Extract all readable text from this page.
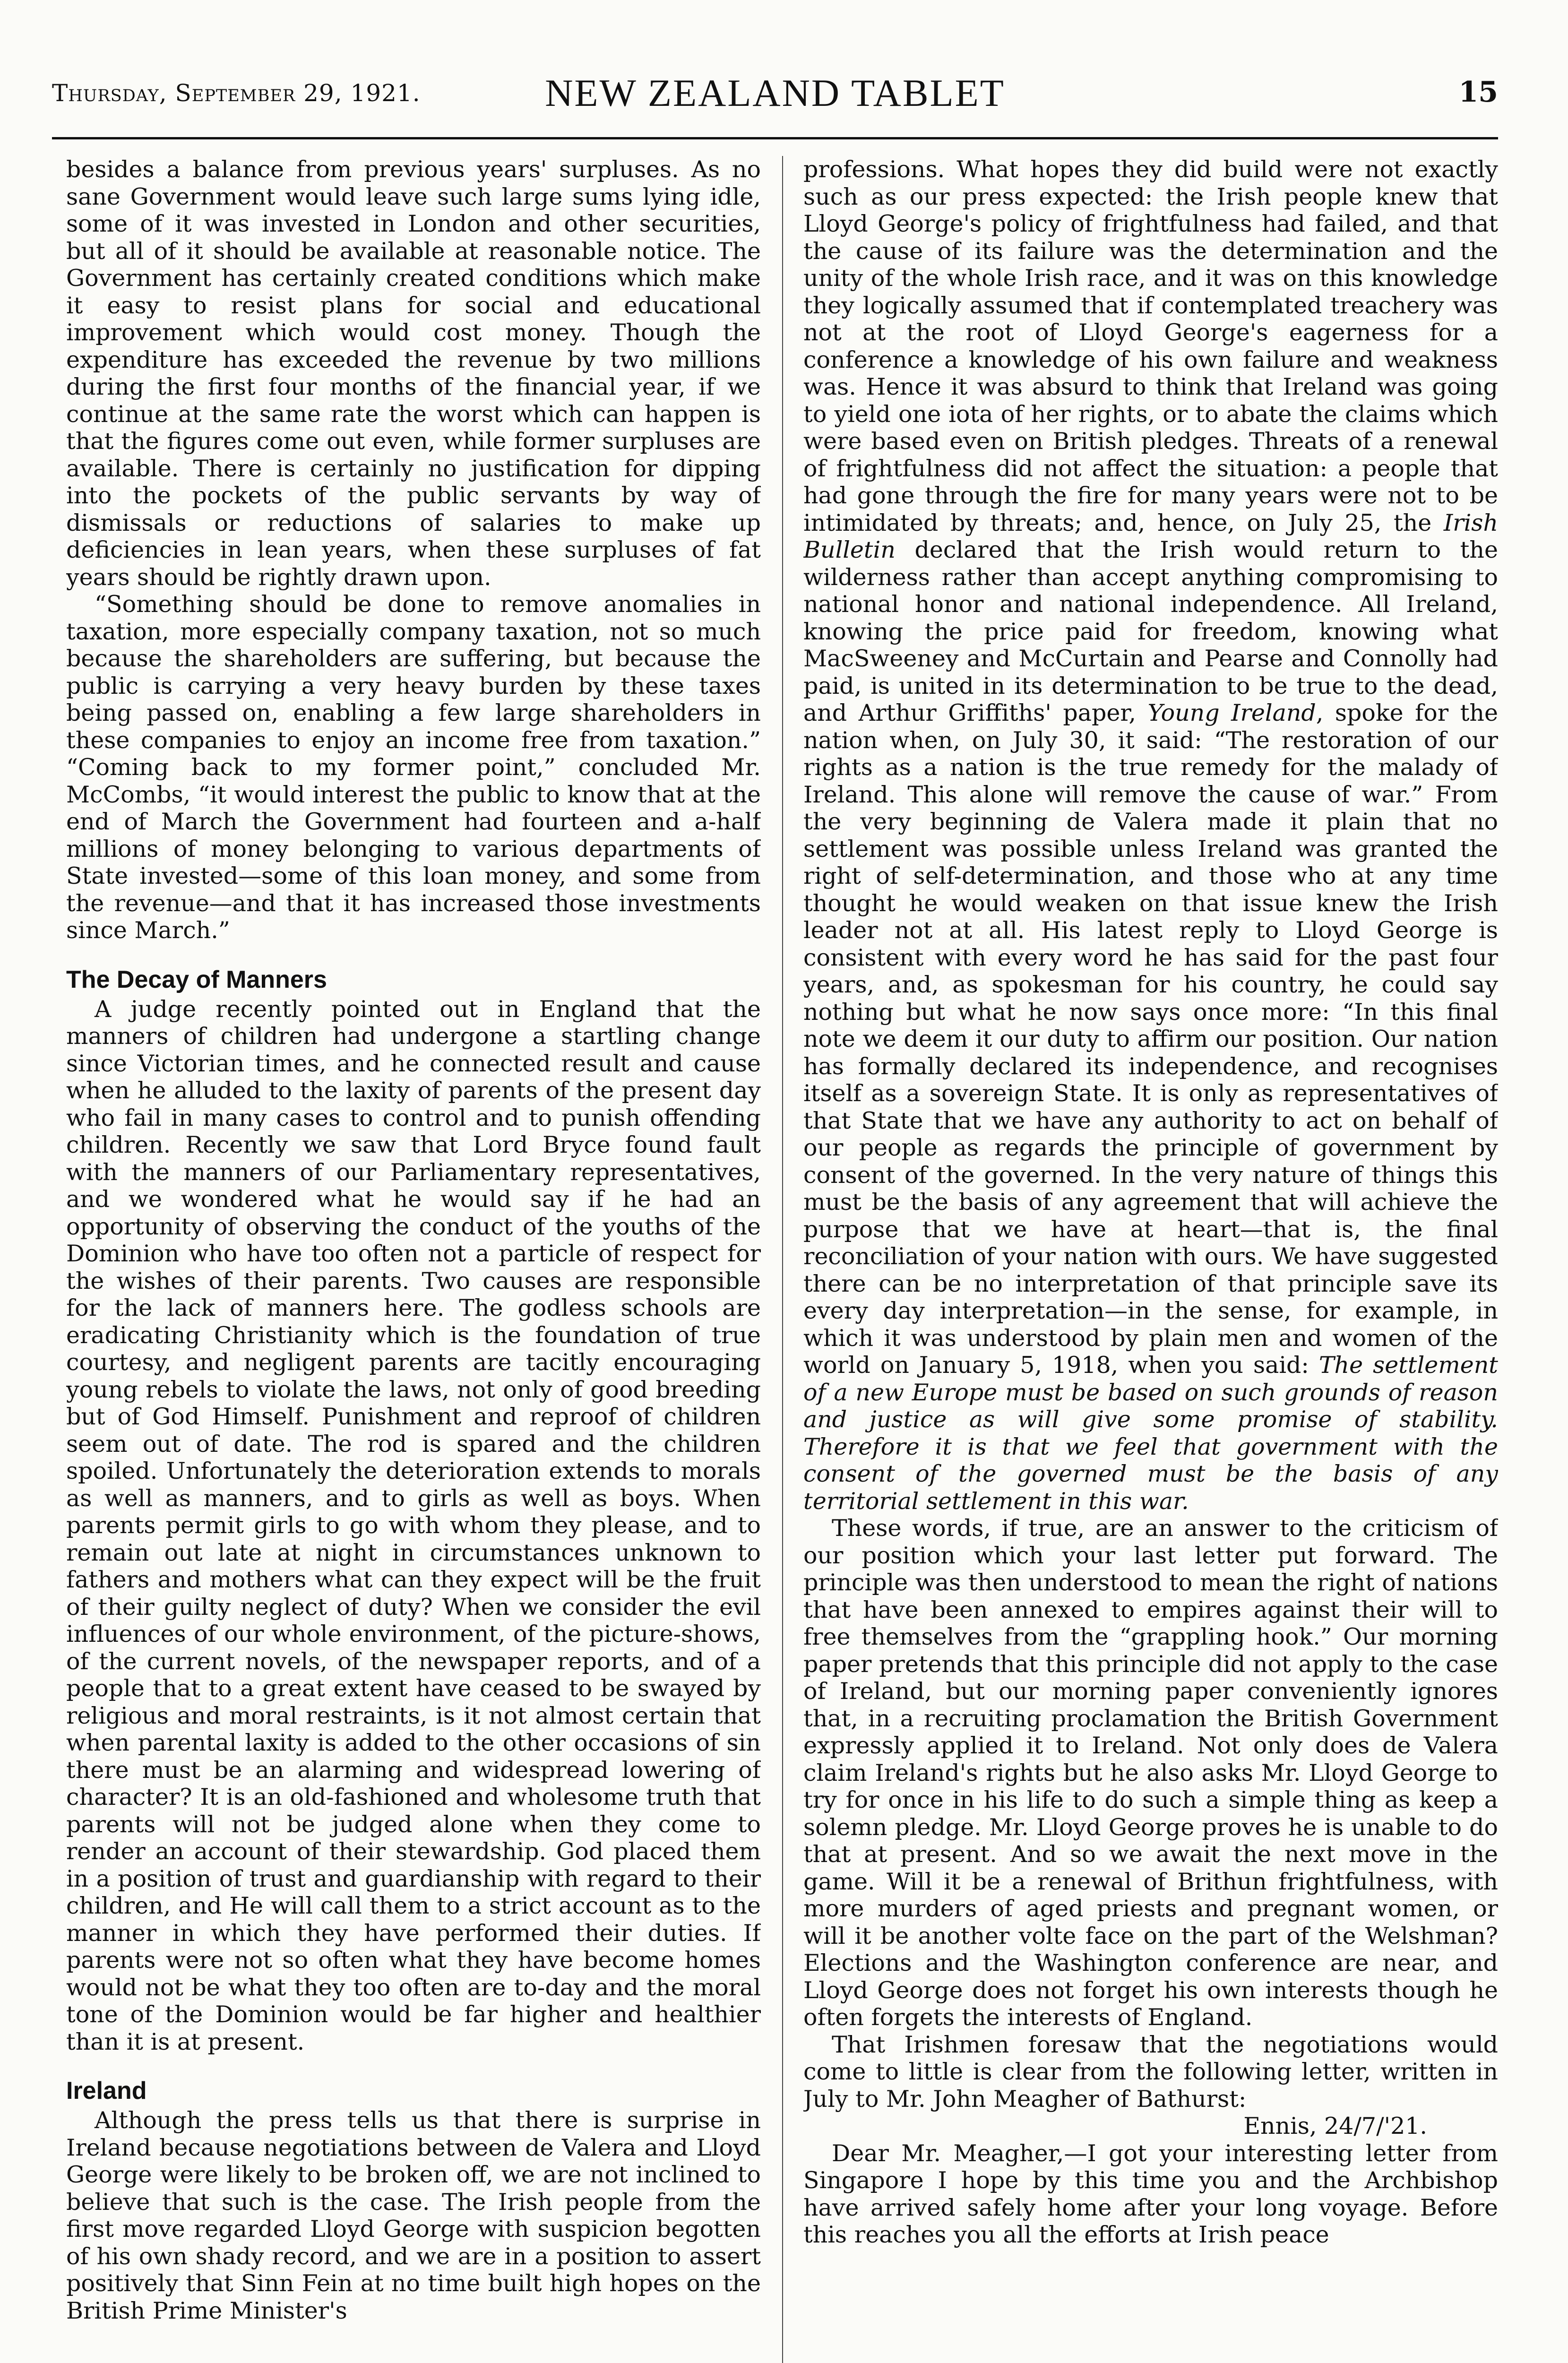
Thursday, September 29, 1921.	NEW ZEALAND TABLET	15

besides a balance from previous years' surpluses. As no sane Government would leave such large sums lying idle, some of it was invested in London and other securities, but all of it should be available at reasonable notice. The Government has certainly created conditions which make it easy to resist plans for social and educational improvement which would cost money. Though the expenditure has exceeded the revenue by two millions during the first four months of the financial year, if we continue at the same rate the worst which can happen is that the figures come out even, while former surpluses are available. There is certainly no justification for dipping into the pockets of the public servants by way of dismissals or reductions of salaries to make up deficiencies in lean years, when these surpluses of fat years should be rightly drawn upon.

“Something should be done to remove anomalies in taxation, more especially company taxation, not so much because the shareholders are suffering, but because the public is carrying a very heavy burden by these taxes being passed on, enabling a few large shareholders in these companies to enjoy an income free from taxation.” “Coming back to my former point,” concluded Mr. McCombs, “it would interest the public to know that at the end of March the Government had fourteen and a-half millions of money belonging to various departments of State invested—some of this loan money, and some from the revenue—and that it has increased those investments since March.”

The Decay of Manners

A judge recently pointed out in England that the manners of children had undergone a startling change since Victorian times, and he connected result and cause when he alluded to the laxity of parents of the present day who fail in many cases to control and to punish offending children. Recently we saw that Lord Bryce found fault with the manners of our Parliamentary representatives, and we wondered what he would say if he had an opportunity of observing the conduct of the youths of the Dominion who have too often not a particle of respect for the wishes of their parents. Two causes are responsible for the lack of manners here. The godless schools are eradicating Christianity which is the foundation of true courtesy, and negligent parents are tacitly encouraging young rebels to violate the laws, not only of good breeding but of God Himself. Punishment and reproof of children seem out of date. The rod is spared and the children spoiled. Unfortunately the deterioration extends to morals as well as manners, and to girls as well as boys. When parents permit girls to go with whom they please, and to remain out late at night in circumstances unknown to fathers and mothers what can they expect will be the fruit of their guilty neglect of duty? When we consider the evil influences of our whole environment, of the picture-shows, of the current novels, of the newspaper reports, and of a people that to a great extent have ceased to be swayed by religious and moral restraints, is it not almost certain that when parental laxity is added to the other occasions of sin there must be an alarming and widespread lowering of character? It is an old-fashioned and wholesome truth that parents will not be judged alone when they come to render an account of their stewardship. God placed them in a position of trust and guardianship with regard to their children, and He will call them to a strict account as to the manner in which they have performed their duties. If parents were not so often what they have become homes would not be what they too often are to-day and the moral tone of the Dominion would be far higher and healthier than it is at present.

Ireland

Although the press tells us that there is surprise in Ireland because negotiations between de Valera and Lloyd George were likely to be broken off, we are not inclined to believe that such is the case. The Irish people from the first move regarded Lloyd George with suspicion begotten of his own shady record, and we are in a position to assert positively that Sinn Fein at no time built high hopes on the British Prime Minister's

professions. What hopes they did build were not exactly such as our press expected: the Irish people knew that Lloyd George's policy of frightfulness had failed, and that the cause of its failure was the determination and the unity of the whole Irish race, and it was on this knowledge they logically assumed that if contemplated treachery was not at the root of Lloyd George's eagerness for a conference a knowledge of his own failure and weakness was. Hence it was absurd to think that Ireland was going to yield one iota of her rights, or to abate the claims which were based even on British pledges. Threats of a renewal of frightfulness did not affect the situation: a people that had gone through the fire for many years were not to be intimidated by threats; and, hence, on July 25, the Irish Bulletin declared that the Irish would return to the wilderness rather than accept anything compromising to national honor and national independence. All Ireland, knowing the price paid for freedom, knowing what MacSweeney and McCurtain and Pearse and Connolly had paid, is united in its determination to be true to the dead, and Arthur Griffiths' paper, Young Ireland, spoke for the nation when, on July 30, it said: “The restoration of our rights as a nation is the true remedy for the malady of Ireland. This alone will remove the cause of war.” From the very beginning de Valera made it plain that no settlement was possible unless Ireland was granted the right of self-determination, and those who at any time thought he would weaken on that issue knew the Irish leader not at all. His latest reply to Lloyd George is consistent with every word he has said for the past four years, and, as spokesman for his country, he could say nothing but what he now says once more: “In this final note we deem it our duty to affirm our position. Our nation has formally declared its independence, and recognises itself as a sovereign State. It is only as representatives of that State that we have any authority to act on behalf of our people as regards the principle of government by consent of the governed. In the very nature of things this must be the basis of any agreement that will achieve the purpose that we have at heart—that is, the final reconciliation of your nation with ours. We have suggested there can be no interpretation of that principle save its every day interpretation—in the sense, for example, in which it was understood by plain men and women of the world on January 5, 1918, when you said: The settlement of a new Europe must be based on such grounds of reason and justice as will give some promise of stability. Therefore it is that we feel that government with the consent of the governed must be the basis of any territorial settlement in this war.

These words, if true, are an answer to the criticism of our position which your last letter put forward. The principle was then understood to mean the right of nations that have been annexed to empires against their will to free themselves from the “grappling hook.” Our morning paper pretends that this principle did not apply to the case of Ireland, but our morning paper conveniently ignores that, in a recruiting proclamation the British Government expressly applied it to Ireland. Not only does de Valera claim Ireland's rights but he also asks Mr. Lloyd George to try for once in his life to do such a simple thing as keep a solemn pledge. Mr. Lloyd George proves he is unable to do that at present. And so we await the next move in the game. Will it be a renewal of Brithun frightfulness, with more murders of aged priests and pregnant women, or will it be another volte face on the part of the Welshman? Elections and the Washington conference are near, and Lloyd George does not forget his own interests though he often forgets the interests of England.

That Irishmen foresaw that the negotiations would come to little is clear from the following letter, written in July to Mr. John Meagher of Bathurst:

Ennis, 24/7/'21.

Dear Mr. Meagher,—I got your interesting letter from Singapore I hope by this time you and the Archbishop have arrived safely home after your long voyage. Before this reaches you all the efforts at Irish peace
